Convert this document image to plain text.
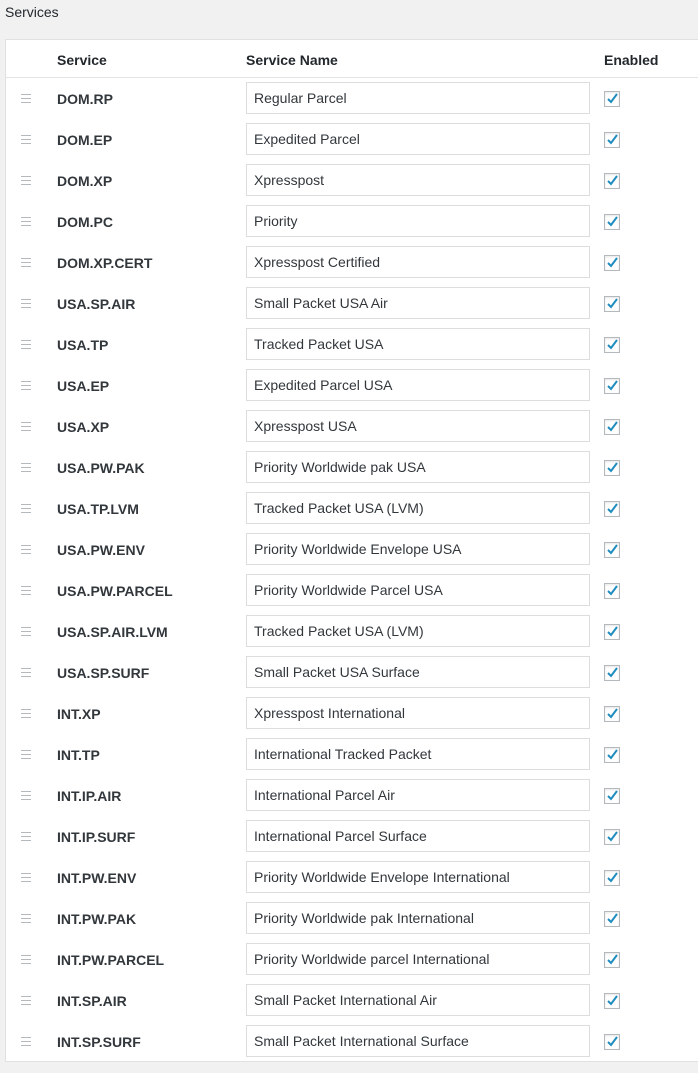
Services
Service	Service Name	Enabled
DOM.RP
Regular Parcel
DOM.EP
Expedited Parcel
DOM.XP
Xpresspost
DOM.PC
Priority
DOM.XP.CERT
Xpresspost Certified
USA.SP.AIR
Small Packet USA Air
USA.TP
Tracked Packet USA
USA.EP
Expedited Parcel USA
USA.XP
Xpresspost USA
USA.PW.PAK
Priority Worldwide pak USA
USA.TP.LVM
Tracked Packet USA (LVM)
USA.PW.ENV
Priority Worldwide Envelope USA
USA.PW.PARCEL
Priority Worldwide Parcel USA
USA.SP.AIR.LVM
Tracked Packet USA (LVM)
USA.SP.SURF
Small Packet USA Surface
INT.XP
Xpresspost International
INT.TP
International Tracked Packet
INT.IP.AIR
International Parcel Air
INT.IP.SURF
International Parcel Surface
INT.PW.ENV
Priority Worldwide Envelope International
INT.PW.PAK
Priority Worldwide pak International
INT.PW.PARCEL
Priority Worldwide parcel International
INT.SP.AIR
Small Packet International Air
INT.SP.SURF
Small Packet International Surface
